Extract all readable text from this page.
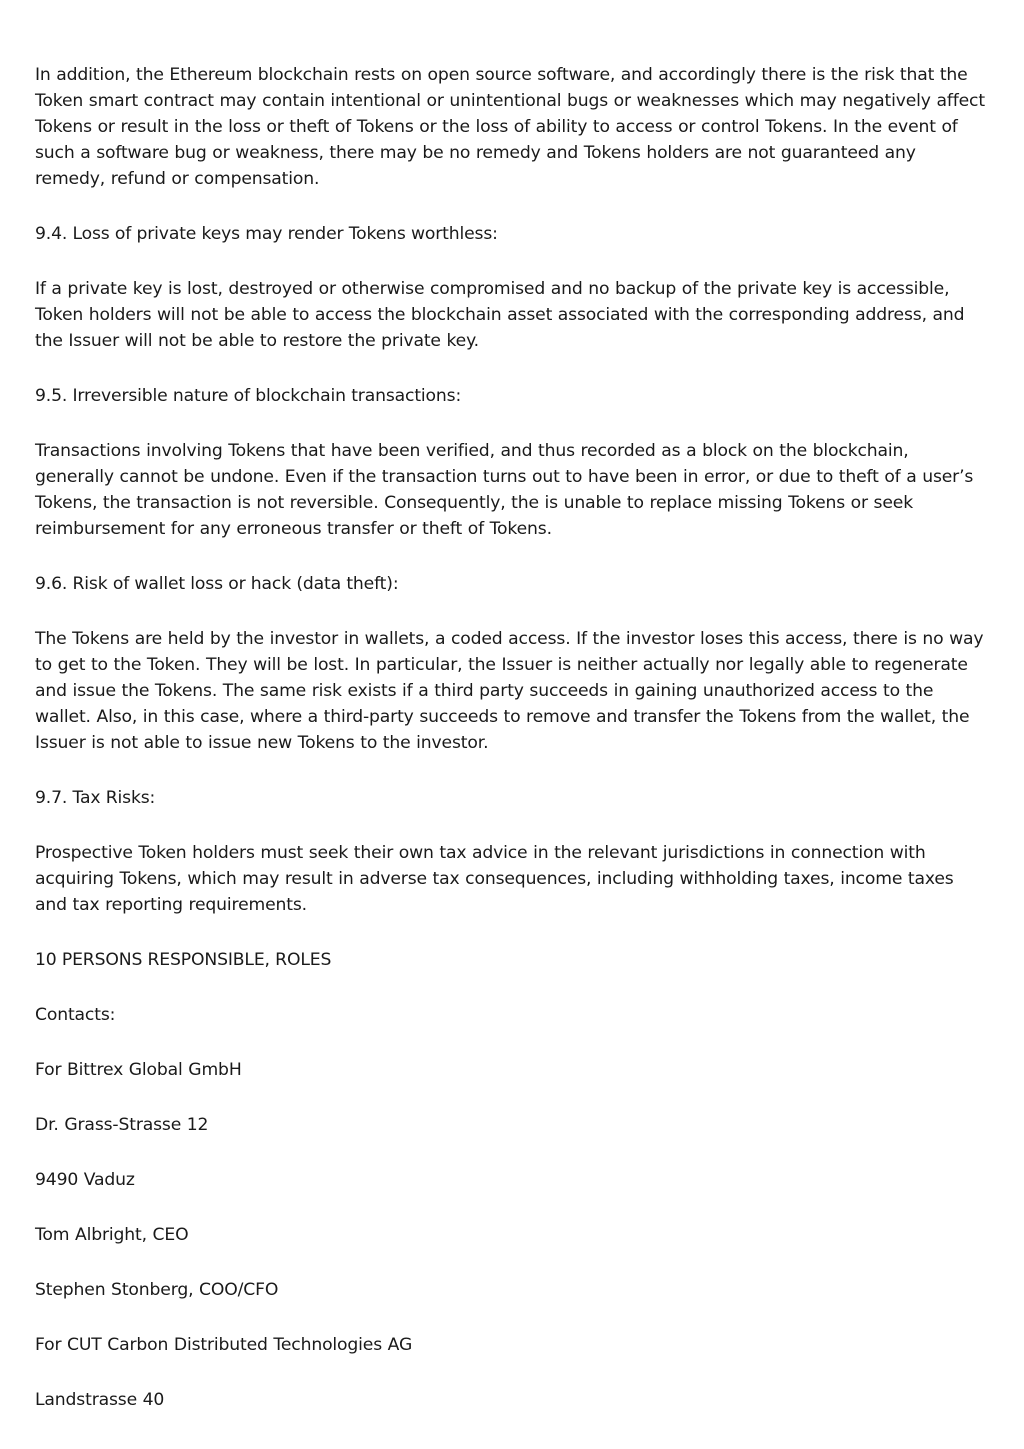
In addition, the Ethereum blockchain rests on open source software, and accordingly there is the risk that the Token smart contract may contain intentional or unintentional bugs or weaknesses which may negatively affect Tokens or result in the loss or theft of Tokens or the loss of ability to access or control Tokens. In the event of such a software bug or weakness, there may be no remedy and Tokens holders are not guaranteed any remedy, refund or compensation.

9.4. Loss of private keys may render Tokens worthless:

If a private key is lost, destroyed or otherwise compromised and no backup of the private key is accessible, Token holders will not be able to access the blockchain asset associated with the corresponding address, and the Issuer will not be able to restore the private key.

9.5. Irreversible nature of blockchain transactions:

Transactions involving Tokens that have been verified, and thus recorded as a block on the blockchain, generally cannot be undone. Even if the transaction turns out to have been in error, or due to theft of a user’s Tokens, the transaction is not reversible. Consequently, the is unable to replace missing Tokens or seek reimbursement for any erroneous transfer or theft of Tokens.

9.6. Risk of wallet loss or hack (data theft):

The Tokens are held by the investor in wallets, a coded access. If the investor loses this access, there is no way to get to the Token. They will be lost. In particular, the Issuer is neither actually nor legally able to regenerate and issue the Tokens. The same risk exists if a third party succeeds in gaining unauthorized access to the wallet. Also, in this case, where a third-party succeeds to remove and transfer the Tokens from the wallet, the Issuer is not able to issue new Tokens to the investor.

9.7. Tax Risks:

Prospective Token holders must seek their own tax advice in the relevant jurisdictions in connection with acquiring Tokens, which may result in adverse tax consequences, including withholding taxes, income taxes and tax reporting requirements.

10 PERSONS RESPONSIBLE, ROLES

Contacts:

For Bittrex Global GmbH

Dr. Grass-Strasse 12

9490 Vaduz

Tom Albright, CEO

Stephen Stonberg, COO/CFO

For CUT Carbon Distributed Technologies AG

Landstrasse 40
